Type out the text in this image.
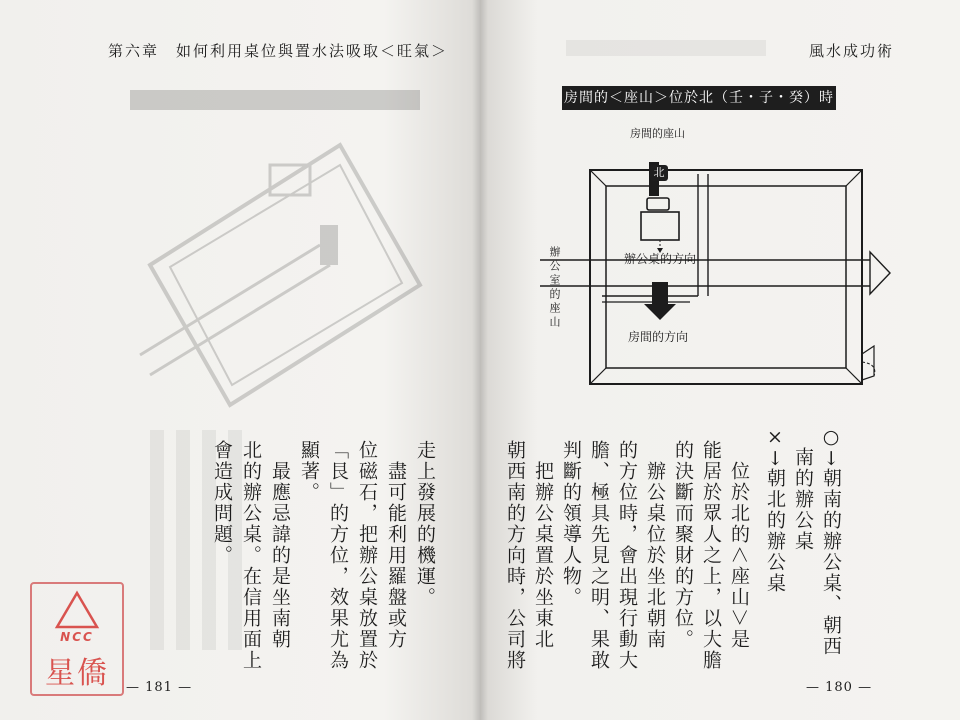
第六章　如何利用桌位與置水法吸取＜旺氣＞
走上發展的機運。
　盡可能利用羅盤或方
位磁石，把辦公桌放置於
「艮」的方位，效果尤為
顯著。
　最應忌諱的是坐南朝
北的辦公桌。在信用面上
會造成問題。
— 181 —
風水成功術
房間的＜座山＞位於北（壬・子・癸）時
房間的座山
北
辦公桌的方向
辦公室的座山
房間的方向
○→朝南的辦公桌、朝西
　南的辦公桌
×→朝北的辦公桌
　位於北的＜座山＞是
能居於眾人之上，以大膽
的決斷而聚財的方位。
　辦公桌位於坐北朝南
的方位時，會出現行動大
膽、極具先見之明、果敢
判斷的領導人物。
　把辦公桌置於坐東北
朝西南的方向時，公司將
— 180 —
NCC
星僑
